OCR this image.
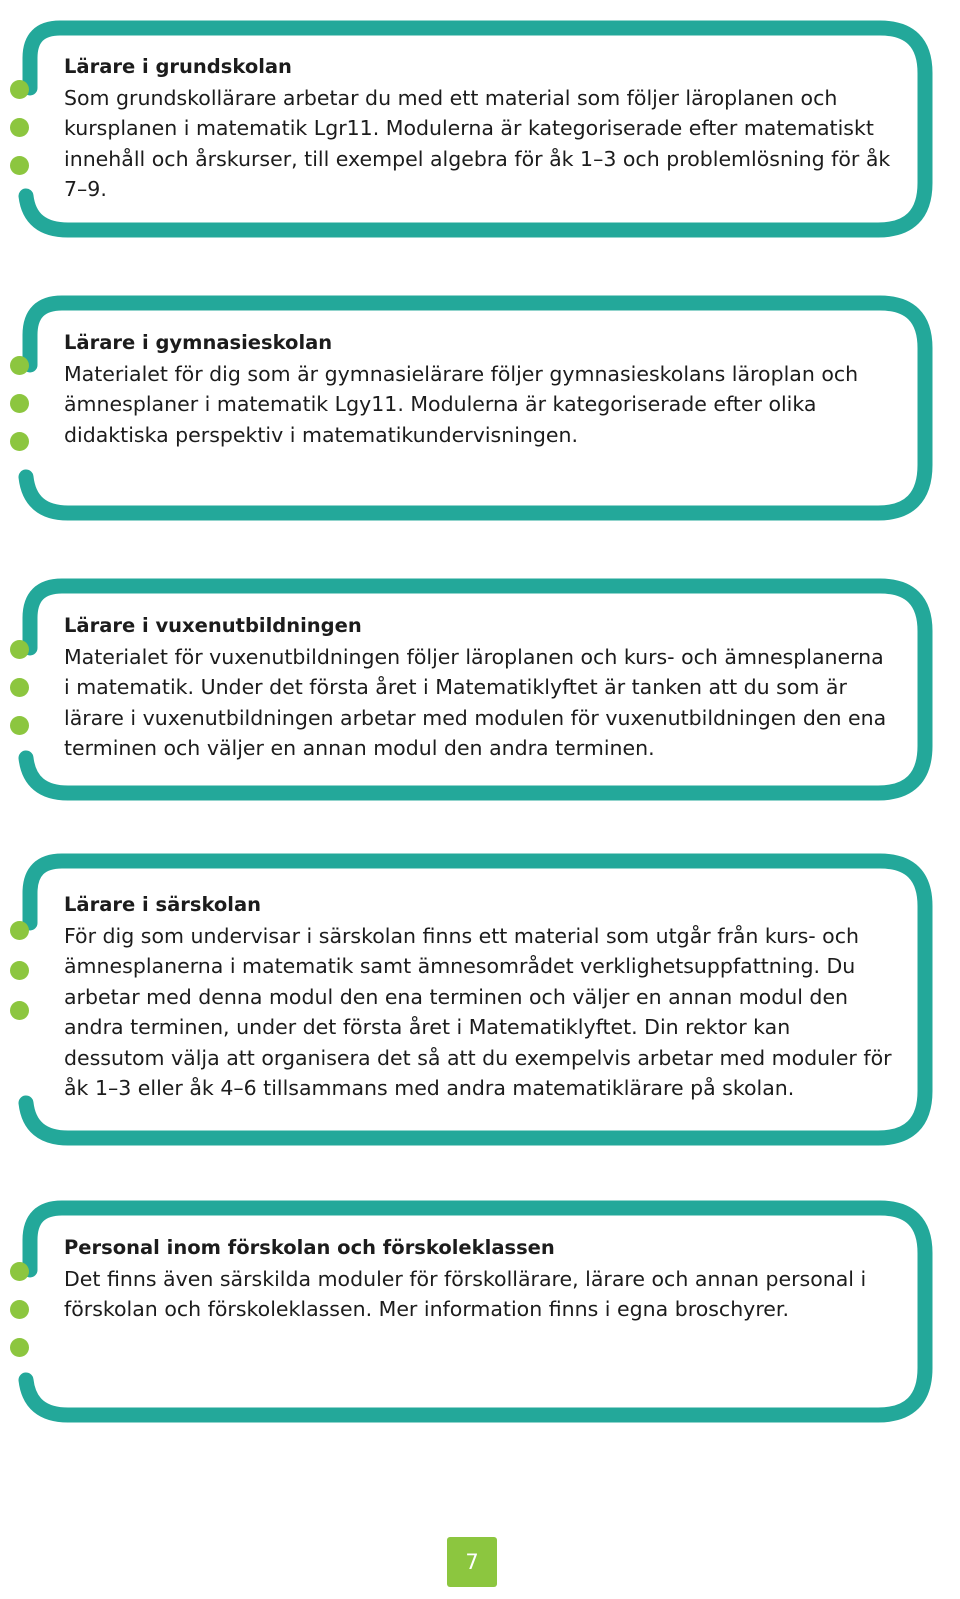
Lärare i grundskolan

Som grundskollärare arbetar du med ett material som följer läroplanen och kursplanen i matematik Lgr11. Modulerna är kategoriserade efter matematiskt innehåll och årskurser, till exempel algebra för åk 1–3 och problemlösning för åk 7–9.

Lärare i gymnasieskolan

Materialet för dig som är gymnasielärare följer gymnasieskolans läroplan och ämnesplaner i matematik Lgy11. Modulerna är kategoriserade efter olika didaktiska perspektiv i matematikundervisningen.

Lärare i vuxenutbildningen

Materialet för vuxenutbildningen följer läroplanen och kurs- och ämnesplanerna i matematik. Under det första året i Matematiklyftet är tanken att du som är lärare i vuxenutbildningen arbetar med modulen för vuxenutbildningen den ena terminen och väljer en annan modul den andra terminen.

Lärare i särskolan

För dig som undervisar i särskolan finns ett material som utgår från kurs- och ämnesplanerna i matematik samt ämnesområdet verklighetsuppfattning. Du arbetar med denna modul den ena terminen och väljer en annan modul den andra terminen, under det första året i Matematiklyftet. Din rektor kan dessutom välja att organisera det så att du exempelvis arbetar med moduler för åk 1–3 eller åk 4–6 tillsammans med andra matematiklärare på skolan.

Personal inom förskolan och förskoleklassen

Det finns även särskilda moduler för förskollärare, lärare och annan personal i förskolan och förskoleklassen. Mer information finns i egna broschyrer.

7
